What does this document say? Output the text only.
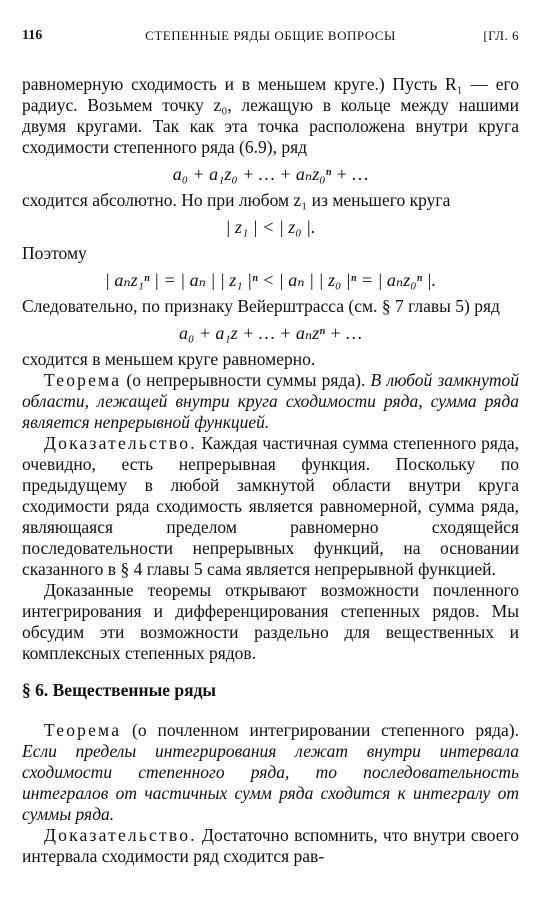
116	СТЕПЕННЫЕ РЯДЫ ОБЩИЕ ВОПРОСЫ	[ГЛ. 6

равномерную сходимость и в меньшем круге.) Пусть R₁ — его радиус. Возьмем точку z₀, лежащую в кольце между нашими двумя кругами. Так как эта точка расположена внутри круга сходимости степенного ряда (6.9), ряд

a₀ + a₁z₀ + … + aₙz₀ⁿ + …

сходится абсолютно. Но при любом z₁ из меньшего круга

| z₁ | < | z₀ |.

Поэтому

| aₙz₁ⁿ | = | aₙ | | z₁ |ⁿ < | aₙ | | z₀ |ⁿ = | aₙz₀ⁿ |.

Следовательно, по признаку Вейерштрасса (см. § 7 главы 5) ряд

a₀ + a₁z + … + aₙzⁿ + …

сходится в меньшем круге равномерно.

Теорема (о непрерывности суммы ряда). В любой замкнутой области, лежащей внутри круга сходимости ряда, сумма ряда является непрерывной функцией.

Доказательство. Каждая частичная сумма степенного ряда, очевидно, есть непрерывная функция. Поскольку по предыдущему в любой замкнутой области внутри круга сходимости ряда сходимость является равномерной, сумма ряда, являющаяся пределом равномерно сходящейся последовательности непрерывных функций, на основании сказанного в § 4 главы 5 сама является непрерывной функцией.

Доказанные теоремы открывают возможности почленного интегрирования и дифференцирования степенных рядов. Мы обсудим эти возможности раздельно для вещественных и комплексных степенных рядов.

§ 6. Вещественные ряды

Теорема (о почленном интегрировании степенного ряда). Если пределы интегрирования лежат внутри интервала сходимости степенного ряда, то последовательность интегралов от частичных сумм ряда сходится к интегралу от суммы ряда.

Доказательство. Достаточно вспомнить, что внутри своего интервала сходимости ряд сходится рав-
